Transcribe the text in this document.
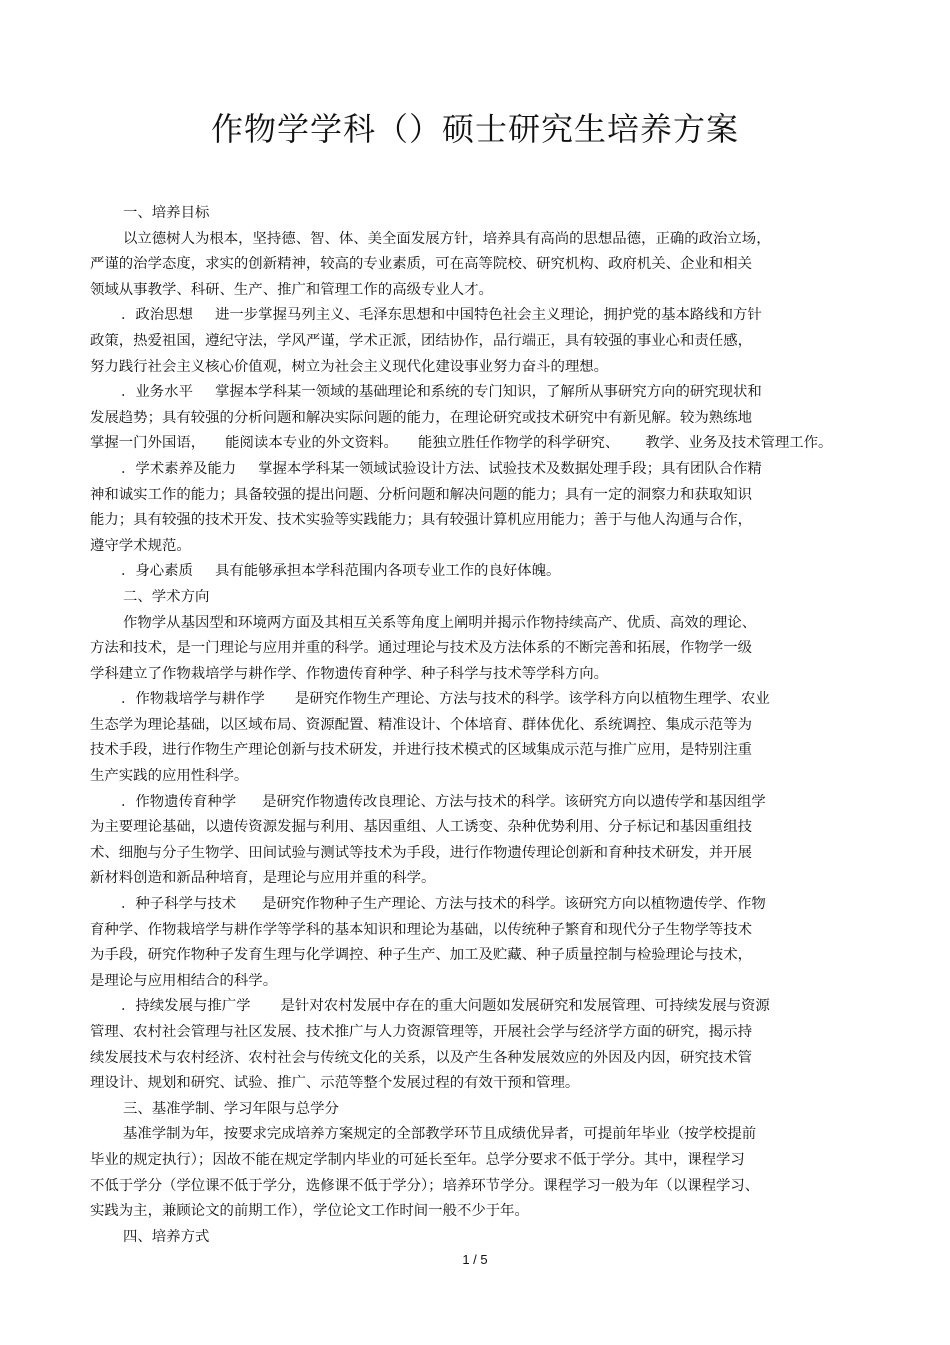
作物学学科（）硕士研究生培养方案
一、培养目标
以立德树人为根本，坚持德、智、体、美全面发展方针，培养具有高尚的思想品德，正确的政治立场，
严谨的治学态度，求实的创新精神，较高的专业素质，可在高等院校、研究机构、政府机关、企业和相关
领域从事教学、科研、生产、推广和管理工作的高级专业人才。
．政治思想 进一步掌握马列主义、毛泽东思想和中国特色社会主义理论，拥护党的基本路线和方针
政策，热爱祖国，遵纪守法，学风严谨，学术正派，团结协作，品行端正，具有较强的事业心和责任感，
努力践行社会主义核心价值观，树立为社会主义现代化建设事业努力奋斗的理想。
．业务水平 掌握本学科某一领域的基础理论和系统的专门知识，了解所从事研究方向的研究现状和
发展趋势；具有较强的分析问题和解决实际问题的能力，在理论研究或技术研究中有新见解。较为熟练地
掌握一门外国语， 能阅读本专业的外文资料。 能独立胜任作物学的科学研究、 教学、业务及技术管理工作。
．学术素养及能力 掌握本学科某一领域试验设计方法、试验技术及数据处理手段；具有团队合作精
神和诚实工作的能力；具备较强的提出问题、分析问题和解决问题的能力；具有一定的洞察力和获取知识
能力；具有较强的技术开发、技术实验等实践能力；具有较强计算机应用能力；善于与他人沟通与合作，
遵守学术规范。
．身心素质 具有能够承担本学科范围内各项专业工作的良好体魄。
二、学术方向
作物学从基因型和环境两方面及其相互关系等角度上阐明并揭示作物持续高产、优质、高效的理论、
方法和技术，是一门理论与应用并重的科学。通过理论与技术及方法体系的不断完善和拓展，作物学一级
学科建立了作物栽培学与耕作学、作物遗传育种学、种子科学与技术等学科方向。
．作物栽培学与耕作学 是研究作物生产理论、方法与技术的科学。该学科方向以植物生理学、农业
生态学为理论基础，以区域布局、资源配置、精准设计、个体培育、群体优化、系统调控、集成示范等为
技术手段，进行作物生产理论创新与技术研发，并进行技术模式的区域集成示范与推广应用，是特别注重
生产实践的应用性科学。
．作物遗传育种学 是研究作物遗传改良理论、方法与技术的科学。该研究方向以遗传学和基因组学
为主要理论基础，以遗传资源发掘与利用、基因重组、人工诱变、杂种优势利用、分子标记和基因重组技
术、细胞与分子生物学、田间试验与测试等技术为手段，进行作物遗传理论创新和育种技术研发，并开展
新材料创造和新品种培育，是理论与应用并重的科学。
．种子科学与技术 是研究作物种子生产理论、方法与技术的科学。该研究方向以植物遗传学、作物
育种学、作物栽培学与耕作学等学科的基本知识和理论为基础，以传统种子繁育和现代分子生物学等技术
为手段，研究作物种子发育生理与化学调控、种子生产、加工及贮藏、种子质量控制与检验理论与技术，
是理论与应用相结合的科学。
．持续发展与推广学 是针对农村发展中存在的重大问题如发展研究和发展管理、可持续发展与资源
管理、农村社会管理与社区发展、技术推广与人力资源管理等，开展社会学与经济学方面的研究，揭示持
续发展技术与农村经济、农村社会与传统文化的关系，以及产生各种发展效应的外因及内因，研究技术管
理设计、规划和研究、试验、推广、示范等整个发展过程的有效干预和管理。
三、基准学制、学习年限与总学分
基准学制为年，按要求完成培养方案规定的全部教学环节且成绩优异者，可提前年毕业（按学校提前
毕业的规定执行）；因故不能在规定学制内毕业的可延长至年。总学分要求不低于学分。其中，课程学习
不低于学分（学位课不低于学分，选修课不低于学分）；培养环节学分。课程学习一般为年（以课程学习、
实践为主，兼顾论文的前期工作），学位论文工作时间一般不少于年。
四、培养方式
1 / 5
